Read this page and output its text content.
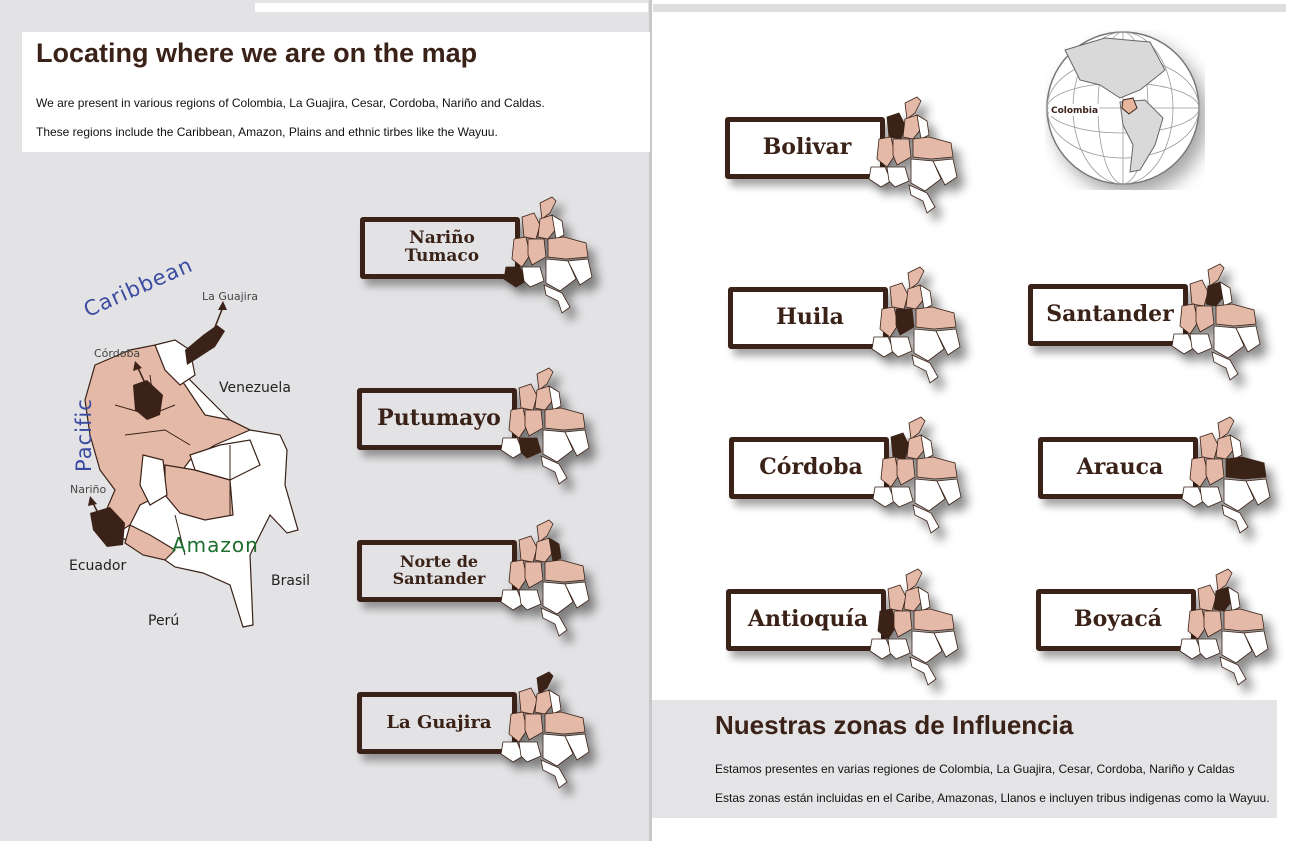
Locating where we are on the map

We are present in various regions of Colombia, La Guajira, Cesar, Cordoba, Nariño and Caldas.

These regions include the Caribbean, Amazon, Plains and ethnic tirbes like the Wayuu.

Caribbean
Pacific
Amazon
La Guajira
Córdoba
Nariño
Venezuela
Ecuador
Brasil
Perú
Colombia
Nariño
Tumaco
Putumayo
Norte de
Santander
La Guajira
Bolivar
Huila	Santander
Córdoba	Arauca
Antioquía	Boyacá
Nuestras zonas de Influencia

Estamos presentes en varias regiones de Colombia, La Guajira, Cesar, Cordoba, Nariño y Caldas

Estas zonas están incluidas en el Caribe, Amazonas, Llanos e incluyen tribus indigenas como la Wayuu.
